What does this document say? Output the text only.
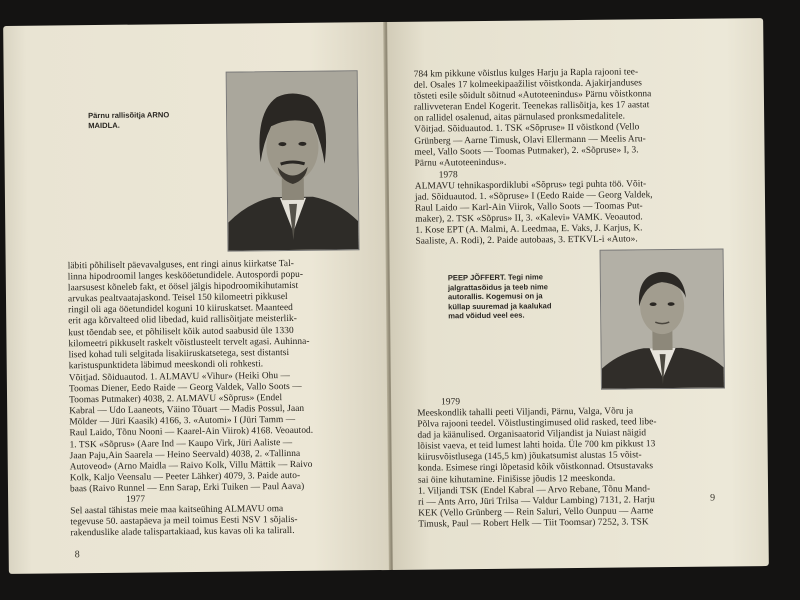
Pärnu rallisõitja ARNO
MAIDLA.
läbiti põhiliselt päevavalguses, ent ringi ainus kiirkatse Tal-
linna hipodroomil langes keskööetundidele. Autospordi popu-
laarsusest kõneleb fakt, et öösel jälgis hipodroomikihutamist
arvukas pealtvaatajaskond. Teisel 150 kilomeetri pikkusel
ringil oli aga ööetundidel koguni 10 kiiruskatset. Maanteed
erit aga kõrvalteed olid libedad, kuid rallisõitjate meisterlik-
kust tõendab see, et põhiliselt kõik autod saabusid üle 1330
kilomeetri pikkuselt raskelt võistlusteelt tervelt agasi. Auhinna-
lised kohad tuli selgitada lisakiiruskatsetega, sest distantsi
karistuspunktideta läbimud meeskondi oli rohkesti.
Võitjad. Sõiduautod. 1. ALMAVU «Vihur» (Heiki Ohu —
Toomas Diener, Eedo Raide — Georg Valdek, Vallo Soots —
Toomas Putmaker) 4038, 2. ALMAVU «Sõprus» (Endel
Kabral — Udo Laaneots, Väino Tõuart — Madis Possul, Jaan
Mölder — Jüri Kaasik) 4166, 3. «Automi» I (Jüri Tamm —
Raul Laido, Tõnu Nooni — Kaarel-Ain Viirok) 4168. Veoautod.
1. TSK «Sõprus» (Aare Ind — Kaupo Virk, Jüri Aaliste —
Jaan Paju,Ain Saarela — Heino Seervald) 4038, 2. «Tallinna
Autoveod» (Arno Maidla — Raivo Kolk, Villu Mättik — Raivo
Kolk, Kaljo Veensalu — Peeter Lähker) 4079, 3. Paide auto-
baas (Raivo Runnel — Enn Sarap, Erki Tuiken — Paul Aava)
1977
Sel aastal tähistas meie maa kaitseühing ALMAVU oma
tegevuse 50. aastapäeva ja meil toimus Eesti NSV 1 sõjalis-
rakenduslike alade talispartakiaad, kus kavas oli ka talirall.
8
784 km pikkune võistlus kulges Harju ja Rapla rajooni tee-
del. Osales 17 kolmeekipaažilist võistkonda. Ajakirjanduses
tõsteti esile sõidult sõitnud «Autoteenindus» Pärnu võistkonna
rallivveteran Endel Kogerit. Teenekas rallisõitja, kes 17 aastat
on rallidel osalenud, aitas pärnulased pronksmedalitele.
Võitjad. Sõiduautod. 1. TSK «Sõpruse» II võistkond (Vello
Grünberg — Aarne Timusk, Olavi Ellermann — Meelis Aru-
meel, Vallo Soots — Toomas Putmaker), 2. «Sõpruse» I, 3.
Pärnu «Autoteenindus».
1978
ALMAVU tehnikaspordiklubi «Sõprus» tegi puhta töö. Võit-
jad. Sõiduautod. 1. «Sõpruse» I (Eedo Raide — Georg Valdek,
Raul Laido — Karl-Ain Viirok, Vallo Soots — Toomas Put-
maker), 2. TSK «Sõprus» II, 3. «Kalevi» VAMK. Veoautod.
1. Kose EPT (A. Malmi, A. Leedmaa, E. Vaks, J. Karjus, K.
Saaliste, A. Rodi), 2. Paide autobaas, 3. ETKVL-i «Auto».
PEEP JÕFFERT. Tegi nime
jalgrattasõidus ja teeb nime
autorallis. Kogemusi on ja
küllap suuremad ja kaalukad
mad võidud veel ees.
1979
Meeskondlik tahalli peeti Viljandi, Pärnu, Valga, Võru ja
Põlva rajooni teedel. Võistlustingimused olid rasked, teed libe-
dad ja käänulised. Organisaatorid Viljandist ja Nuiast näigid
lõisist vaeva, et teid lumest lahti hoida. Üle 700 km pikkust 13
kiirusvõistlusega (145,5 km) jõukatsumist alustas 15 võist-
konda. Esimese ringi lõpetasid kõik võistkonnad. Otsustavaks
sai öine kihutamine. Finišisse jõudis 12 meeskonda.
1. Viljandi TSK (Endel Kabral — Arvo Rebane, Tõnu Mand-
ri — Ants Arro, Jüri Trilsa — Valdur Lambing) 7131, 2. Harju
KEK (Vello Grünberg — Rein Saluri, Vello Ounpuu — Aarne
Timusk, Paul — Robert Helk — Tiit Toomsar) 7252, 3. TSK
9
